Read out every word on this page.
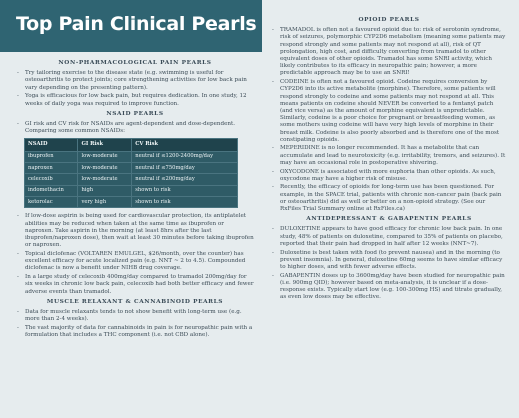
Top Pain Clinical Pearls
NON-PHARMACOLOGICAL PAIN PEARLS
- Try tailoring exercise to the disease state (e.g. swimming is useful for osteoarthritis to protect joints; core strengthening activities for low back pain vary depending on the presenting pattern).
- Yoga is efficacious for low back pain, but requires dedication. In one study, 12 weeks of daily yoga was required to improve function.
NSAID PEARLS
- GI risk and CV risk for NSAIDs are agent-dependent and dose-dependent. Comparing some common NSAIDs:
NSAID	GI Risk	CV Risk
ibuprofen	low-moderate	neutral if ≤1200-2400mg/day
naproxen	low-moderate	neutral if ≤750mg/day
celecoxib	low-moderate	neutral if ≤200mg/day
indomethacin	high	shown to risk
ketorolac	very high	shown to risk
- If low-dose aspirin is being used for cardiovascular protection, its antiplatelet abilities may be reduced when taken at the same time as ibuprofen or naproxen. Take aspirin in the morning (at least 8hrs after the last ibuprofen/naproxen dose), then wait at least 30 minutes before taking ibuprofen or naproxen.
- Topical diclofenac (VOLTAREN EMULGEL, $26/month, over the counter) has excellent efficacy for acute localized pain (e.g. NNT ~ 2 to 4.5). Compounded diclofenac is now a benefit under NIHB drug coverage.
- In a large study of celecoxib 400mg/day compared to tramadol 200mg/day for six weeks in chronic low back pain, celecoxib had both better efficacy and fewer adverse events than tramadol.
MUSCLE RELAXANT & CANNABINOID PEARLS
- Data for muscle relaxants tends to not show benefit with long-term use (e.g. more than 2-4 weeks).
- The vast majority of data for cannabinoids in pain is for neuropathic pain with a formulation that includes a THC component (i.e. not CBD alone).
OPIOID PEARLS
- TRAMADOL is often not a favoured opioid due to: risk of serotonin syndrome, risk of seizures, polymorphic CYP2D6 metabolism (meaning some patients may respond strongly and some patients may not respond at all), risk of QT prolongation, high cost, and difficulty converting from tramadol to other equivalent doses of other opioids. Tramadol has some SNRI activity, which likely contributes to its efficacy in neuropathic pain; however, a more predictable approach may be to use an SNRI!
- CODEINE is often not a favoured opioid. Codeine requires conversion by CYP2D6 into its active metabolite (morphine). Therefore, some patients will respond strongly to codeine and some patients may not respond at all. This means patients on codeine should NEVER be converted to a fentanyl patch (and vice versa) as the amount of morphine equivalent is unpredictable. Similarly, codeine is a poor choice for pregnant or breastfeeding women, as some mothers using codeine will have very high levels of morphine in their breast milk. Codeine is also poorly absorbed and is therefore one of the most constipating opioids.
- MEPERIDINE is no longer recommended. It has a metabolite that can accumulate and lead to neurotoxicity (e.g. irritability, tremors, and seizures). It may have an occasional role in postoperative shivering.
- OXYCODONE is associated with more euphoria than other opioids. As such, oxycodone may have a higher risk of misuse.
- Recently, the efficacy of opioids for long-term use has been questioned. For example, in the SPACE trial, patients with chronic non-cancer pain (back pain or osteoarthritis) did as well or better on a non-opioid strategy. (See our RxFiles Trial Summary online at RxFiles.ca)
ANTIDEPRESSANT & GABAPENTIN PEARLS
- DULOXETINE appears to have good efficacy for chronic low back pain. In one study, 48% of patients on duloxetine, compared to 35% of patients on placebo, reported that their pain had dropped in half after 12 weeks (NNT~7).
- Duloxetine is best taken with food (to prevent nausea) and in the morning (to prevent insomnia). In general, duloxetine 60mg seems to have similar efficacy to higher doses, and with fewer adverse effects.
- GABAPENTIN doses up to 3600mg/day have been studied for neuropathic pain (i.e. 900mg QID); however based on meta-analysis, it is unclear if a dose-response exists. Typically start low (e.g. 100-300mg HS) and titrate gradually, as even low doses may be effective.
